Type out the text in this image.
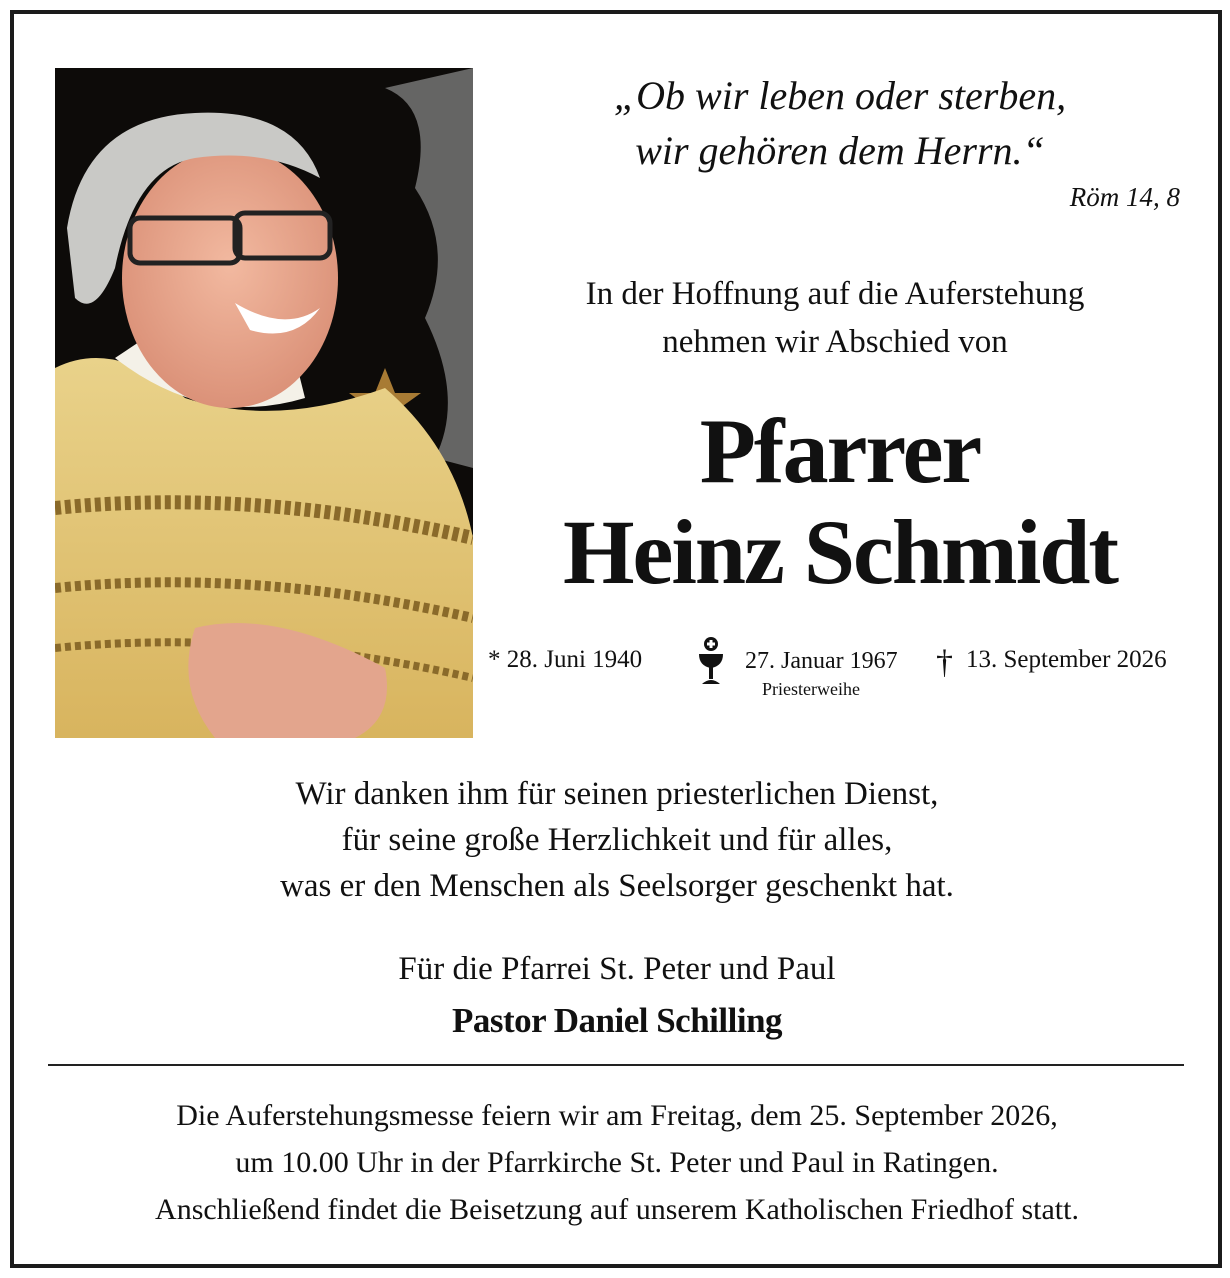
„Ob wir leben oder sterben,
wir gehören dem Herrn.“
Röm 14, 8
In der Hoffnung auf die Auferstehung
nehmen wir Abschied von
Pfarrer
Heinz Schmidt
* 28. Juni 1940	27. Januar 1967
Priesterweihe
† 13. September 2026
Wir danken ihm für seinen priesterlichen Dienst,
für seine große Herzlichkeit und für alles,
was er den Menschen als Seelsorger geschenkt hat.
Für die Pfarrei St. Peter und Paul
Pastor Daniel Schilling
Die Auferstehungsmesse feiern wir am Freitag, dem 25. September 2026,
um 10.00 Uhr in der Pfarrkirche St. Peter und Paul in Ratingen.
Anschließend findet die Beisetzung auf unserem Katholischen Friedhof statt.
